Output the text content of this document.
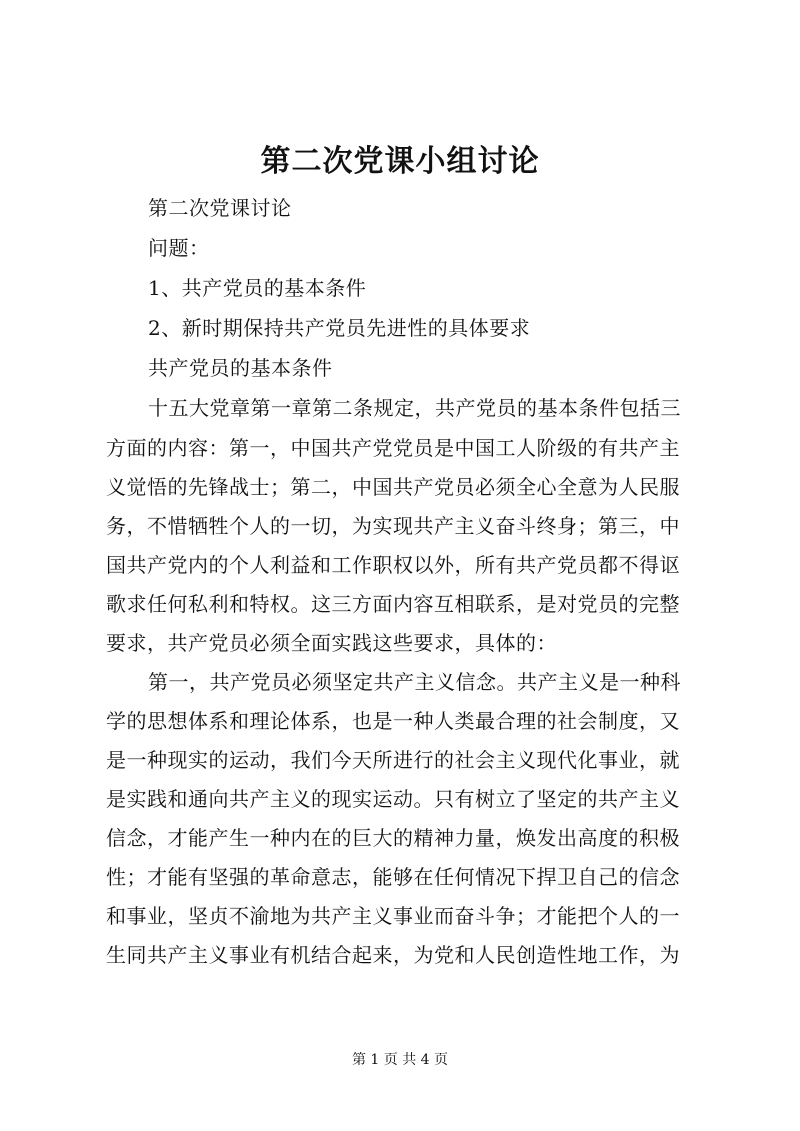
第二次党课小组讨论
第二次党课讨论
问题：
1、共产党员的基本条件
2、新时期保持共产党员先进性的具体要求
共产党员的基本条件
十五大党章第一章第二条规定，共产党员的基本条件包括三
方面的内容：第一，中国共产党党员是中国工人阶级的有共产主
义觉悟的先锋战士；第二，中国共产党员必须全心全意为人民服
务，不惜牺牲个人的一切，为实现共产主义奋斗终身；第三，中
国共产党内的个人利益和工作职权以外，所有共产党员都不得讴
歌求任何私利和特权。这三方面内容互相联系，是对党员的完整
要求，共产党员必须全面实践这些要求，具体的：
第一，共产党员必须坚定共产主义信念。共产主义是一种科
学的思想体系和理论体系，也是一种人类最合理的社会制度，又
是一种现实的运动，我们今天所进行的社会主义现代化事业，就
是实践和通向共产主义的现实运动。只有树立了坚定的共产主义
信念，才能产生一种内在的巨大的精神力量，焕发出高度的积极
性；才能有坚强的革命意志，能够在任何情况下捍卫自己的信念
和事业，坚贞不渝地为共产主义事业而奋斗争；才能把个人的一
生同共产主义事业有机结合起来，为党和人民创造性地工作，为
第 1 页 共 4 页
